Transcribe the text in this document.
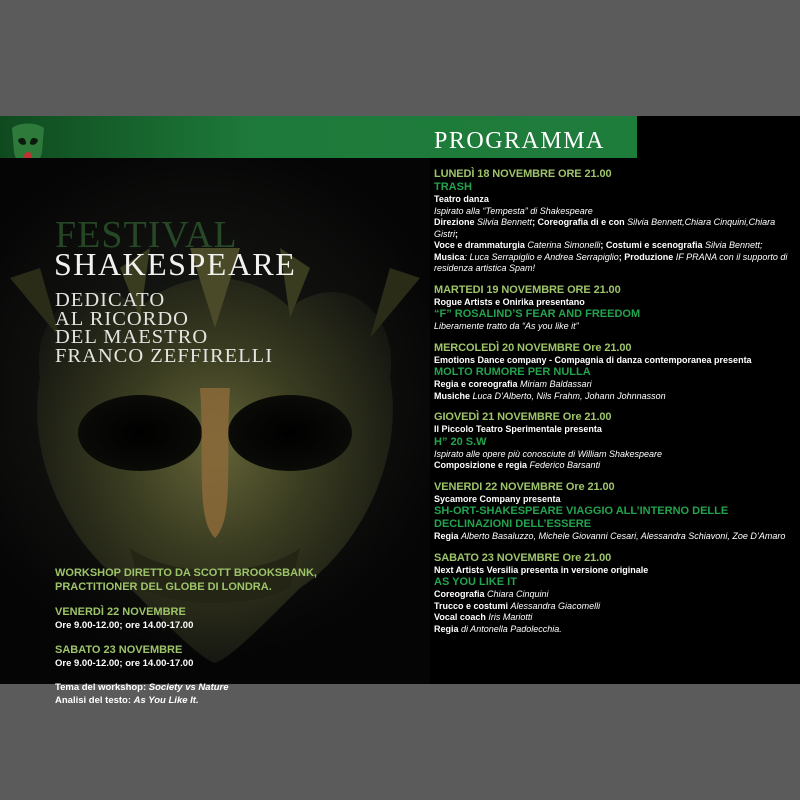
FESTIVAL
SHAKESPEARE
DEDICATO
AL RICORDO
DEL MAESTRO
FRANCO ZEFFIRELLI
WORKSHOP DIRETTO DA SCOTT BROOKSBANK, PRACTITIONER DEL GLOBE DI LONDRA.
VENERDÌ 22 NOVEMBRE
Ore 9.00-12.00; ore 14.00-17.00
SABATO 23 NOVEMBRE
Ore 9.00-12.00; ore 14.00-17.00
Tema del workshop: Society vs Nature
Analisi del testo: As You Like It.
PROGRAMMA
LUNEDÌ 18 NOVEMBRE ORE 21.00
TRASH
Teatro danza
Ispirato alla “Tempesta” di Shakespeare
Direzione Silvia Bennett; Coreografia di e con Silvia Bennett,Chiara Cinquini,Chiara Gistri;
Voce e drammaturgia Caterina Simonelli; Costumi e scenografia Silvia Bennett;
Musica: Luca Serrapiglio e Andrea Serrapiglio; Produzione IF PRANA con il supporto di residenza artistica Spam!
MARTEDI 19 NOVEMBRE ORE 21.00
Rogue Artists e Onirika presentano
“F” ROSALIND’S FEAR AND FREEDOM
Liberamente tratto da “As you like it”
MERCOLEDÌ 20 NOVEMBRE Ore 21.00
Emotions Dance company - Compagnia di danza contemporanea presenta
MOLTO RUMORE PER NULLA
Regia e coreografia Miriam Baldassari
Musiche Luca D’Alberto, Nils Frahm, Johann Johnnasson
GIOVEDÌ 21 NOVEMBRE Ore 21.00
Il Piccolo Teatro Sperimentale presenta
H” 20 S.W
Ispirato alle opere più conosciute di William Shakespeare
Composizione e regia Federico Barsanti
VENERDI 22 NOVEMBRE Ore 21.00
Sycamore Company presenta
SH-ORT-SHAKESPEARE VIAGGIO ALL’INTERNO DELLE
DECLINAZIONI DELL’ESSERE
Regia Alberto Basaluzzo, Michele Giovanni Cesari, Alessandra Schiavoni, Zoe D’Amaro
SABATO 23 NOVEMBRE Ore 21.00
Next Artists Versilia presenta in versione originale
AS YOU LIKE IT
Coreografia Chiara Cinquini
Trucco e costumi Alessandra Giacomelli
Vocal coach Iris Mariotti
Regia di Antonella Padolecchia.
